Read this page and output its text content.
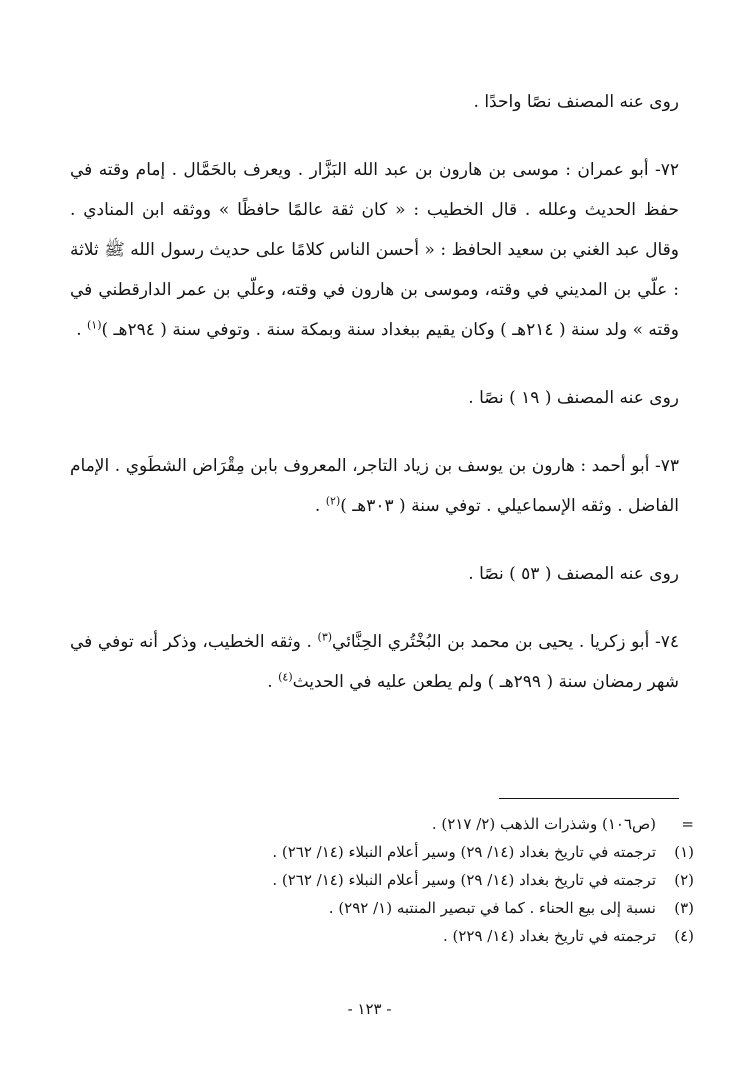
روى عنه المصنف نصًا واحدًا .

٧٢- أبو عمران : موسى بن هارون بن عبد الله البَزَّار . ويعرف بالحَمَّال . إمام وقته في حفظ الحديث وعلله . قال الخطيب : « كان ثقة عالمًا حافظًا » ووثقه ابن المنادي . وقال عبد الغني بن سعيد الحافظ : « أحسن الناس كلامًا على حديث رسول الله ﷺ ثلاثة : علّي بن المديني في وقته، وموسى بن هارون في وقته، وعلّي بن عمر الدارقطني في وقته » ولد سنة ( ٢١٤هـ ) وكان يقيم ببغداد سنة وبمكة سنة . وتوفي سنة ( ٢٩٤هـ )$^{(١)}$ .

روى عنه المصنف ( ١٩ ) نصًا .

٧٣- أبو أحمد : هارون بن يوسف بن زياد التاجر، المعروف بابن مِقْرَاض الشطَوي . الإمام الفاضل . وثقه الإسماعيلي . توفي سنة ( ٣٠٣هـ )$^{(٢)}$ .

روى عنه المصنف ( ٥٣ ) نصًا .

٧٤- أبو زكريا . يحيى بن محمد بن البُخْتُري الحِنَّائي$^{(٣)}$ . وثقه الخطيب، وذكر أنه توفي في شهر رمضان سنة ( ٢٩٩هـ ) ولم يطعن عليه في الحديث$^{(٤)}$ .

=
(ص١٠٦) وشذرات الذهب (٢/ ٢١٧) .
(١)
ترجمته في تاريخ بغداد (١٤/ ٢٩) وسير أعلام النبلاء (١٤/ ٢٦٢) .
(٢)
ترجمته في تاريخ بغداد (١٤/ ٢٩) وسير أعلام النبلاء (١٤/ ٢٦٢) .
(٣)
نسبة إلى بيع الحناء . كما في تبصير المنتبه (١/ ٢٩٢) .
(٤)
ترجمته في تاريخ بغداد (١٤/ ٢٢٩) .
- ١٢٣ -
